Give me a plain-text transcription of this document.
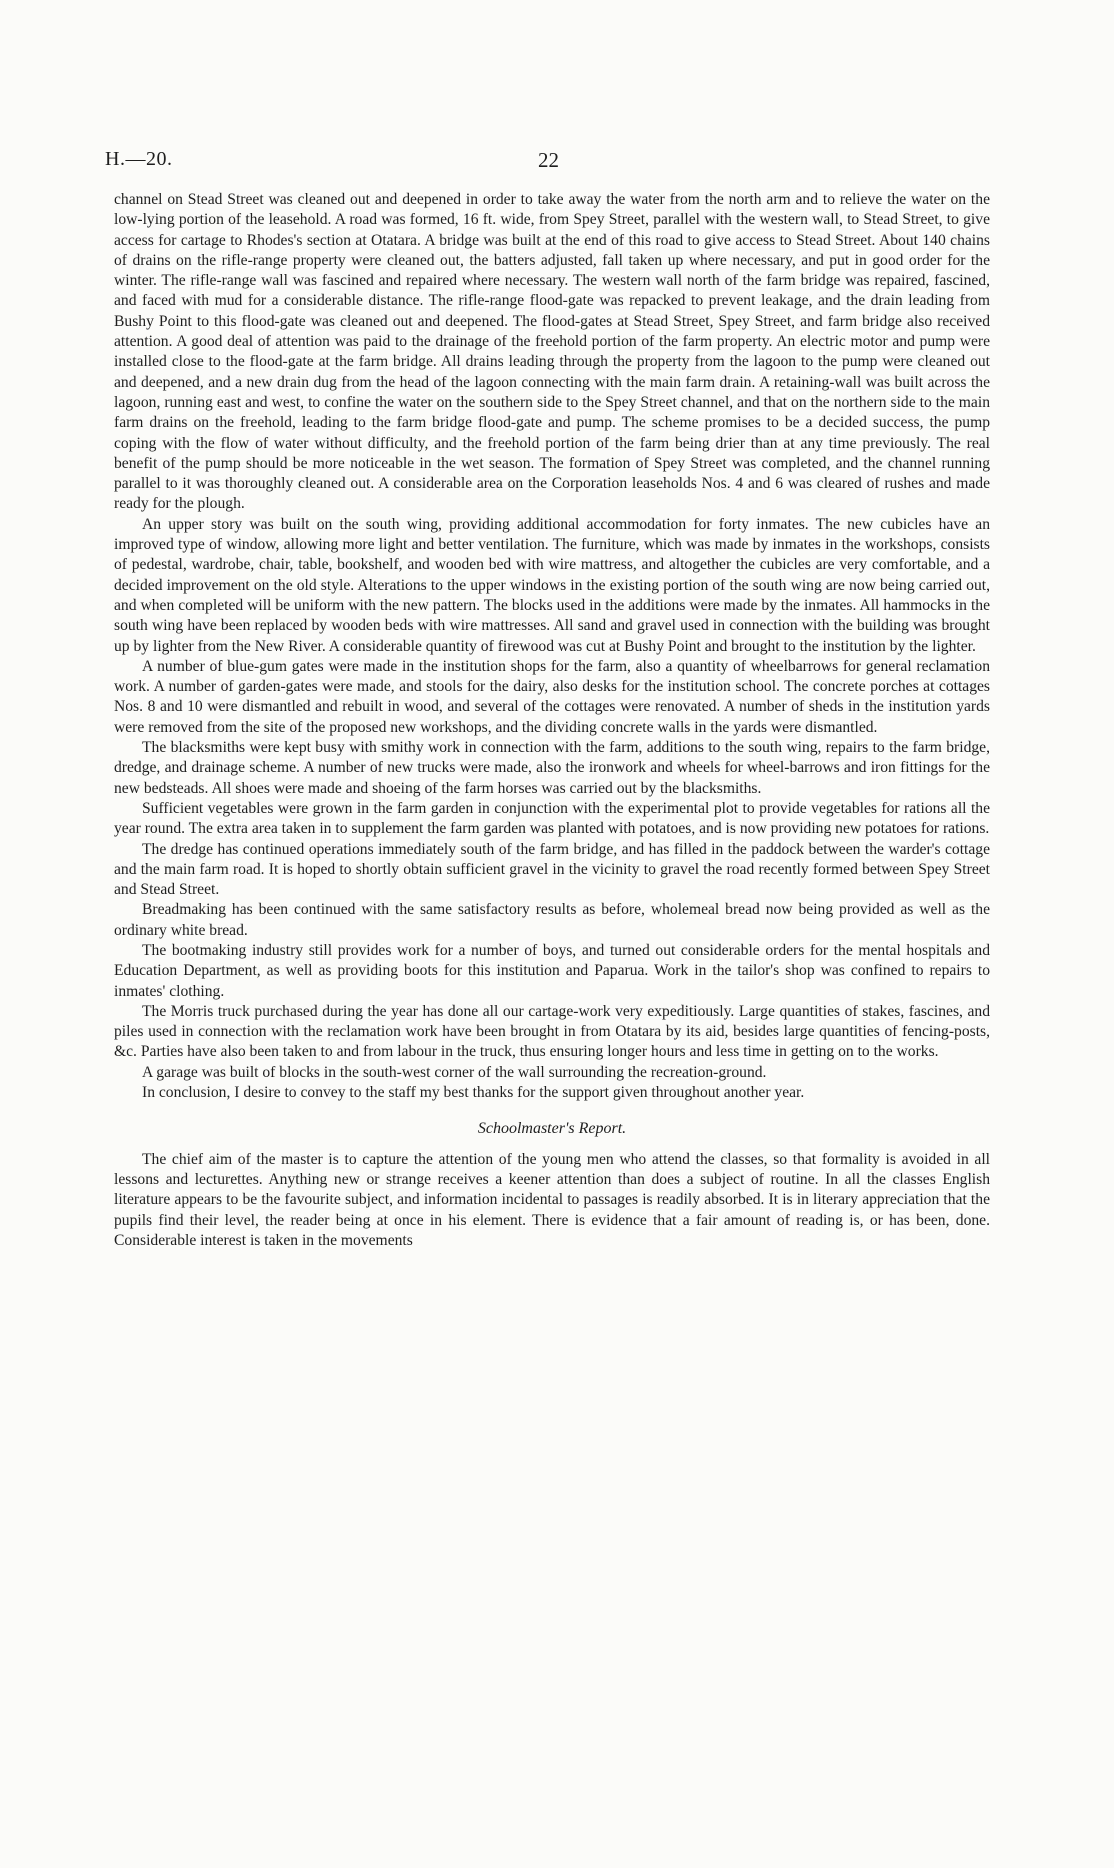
H.—20.	22

channel on Stead Street was cleaned out and deepened in order to take away the water from the north arm and to relieve the water on the low-lying portion of the leasehold. A road was formed, 16 ft. wide, from Spey Street, parallel with the western wall, to Stead Street, to give access for cartage to Rhodes's section at Otatara. A bridge was built at the end of this road to give access to Stead Street. About 140 chains of drains on the rifle-range property were cleaned out, the batters adjusted, fall taken up where necessary, and put in good order for the winter. The rifle-range wall was fascined and repaired where necessary. The western wall north of the farm bridge was repaired, fascined, and faced with mud for a considerable distance. The rifle-range flood-gate was repacked to prevent leakage, and the drain leading from Bushy Point to this flood-gate was cleaned out and deepened. The flood-gates at Stead Street, Spey Street, and farm bridge also received attention. A good deal of attention was paid to the drainage of the freehold portion of the farm property. An electric motor and pump were installed close to the flood-gate at the farm bridge. All drains leading through the property from the lagoon to the pump were cleaned out and deepened, and a new drain dug from the head of the lagoon connecting with the main farm drain. A retaining-wall was built across the lagoon, running east and west, to confine the water on the southern side to the Spey Street channel, and that on the northern side to the main farm drains on the freehold, leading to the farm bridge flood-gate and pump. The scheme promises to be a decided success, the pump coping with the flow of water without difficulty, and the freehold portion of the farm being drier than at any time previously. The real benefit of the pump should be more noticeable in the wet season. The formation of Spey Street was completed, and the channel running parallel to it was thoroughly cleaned out. A considerable area on the Corporation leaseholds Nos. 4 and 6 was cleared of rushes and made ready for the plough.

An upper story was built on the south wing, providing additional accommodation for forty inmates. The new cubicles have an improved type of window, allowing more light and better ventilation. The furniture, which was made by inmates in the workshops, consists of pedestal, wardrobe, chair, table, bookshelf, and wooden bed with wire mattress, and altogether the cubicles are very comfortable, and a decided improvement on the old style. Alterations to the upper windows in the existing portion of the south wing are now being carried out, and when completed will be uniform with the new pattern. The blocks used in the additions were made by the inmates. All hammocks in the south wing have been replaced by wooden beds with wire mattresses. All sand and gravel used in connection with the building was brought up by lighter from the New River. A considerable quantity of firewood was cut at Bushy Point and brought to the institution by the lighter.

A number of blue-gum gates were made in the institution shops for the farm, also a quantity of wheelbarrows for general reclamation work. A number of garden-gates were made, and stools for the dairy, also desks for the institution school. The concrete porches at cottages Nos. 8 and 10 were dismantled and rebuilt in wood, and several of the cottages were renovated. A number of sheds in the institution yards were removed from the site of the proposed new workshops, and the dividing concrete walls in the yards were dismantled.

The blacksmiths were kept busy with smithy work in connection with the farm, additions to the south wing, repairs to the farm bridge, dredge, and drainage scheme. A number of new trucks were made, also the ironwork and wheels for wheel-barrows and iron fittings for the new bedsteads. All shoes were made and shoeing of the farm horses was carried out by the blacksmiths.

Sufficient vegetables were grown in the farm garden in conjunction with the experimental plot to provide vegetables for rations all the year round. The extra area taken in to supplement the farm garden was planted with potatoes, and is now providing new potatoes for rations.

The dredge has continued operations immediately south of the farm bridge, and has filled in the paddock between the warder's cottage and the main farm road. It is hoped to shortly obtain sufficient gravel in the vicinity to gravel the road recently formed between Spey Street and Stead Street.

Breadmaking has been continued with the same satisfactory results as before, wholemeal bread now being provided as well as the ordinary white bread.

The bootmaking industry still provides work for a number of boys, and turned out considerable orders for the mental hospitals and Education Department, as well as providing boots for this institution and Paparua. Work in the tailor's shop was confined to repairs to inmates' clothing.

The Morris truck purchased during the year has done all our cartage-work very expeditiously. Large quantities of stakes, fascines, and piles used in connection with the reclamation work have been brought in from Otatara by its aid, besides large quantities of fencing-posts, &c. Parties have also been taken to and from labour in the truck, thus ensuring longer hours and less time in getting on to the works.

A garage was built of blocks in the south-west corner of the wall surrounding the recreation-ground.

In conclusion, I desire to convey to the staff my best thanks for the support given throughout another year.

Schoolmaster's Report.

The chief aim of the master is to capture the attention of the young men who attend the classes, so that formality is avoided in all lessons and lecturettes. Anything new or strange receives a keener attention than does a subject of routine. In all the classes English literature appears to be the favourite subject, and information incidental to passages is readily absorbed. It is in literary appreciation that the pupils find their level, the reader being at once in his element. There is evidence that a fair amount of reading is, or has been, done. Considerable interest is taken in the movements
